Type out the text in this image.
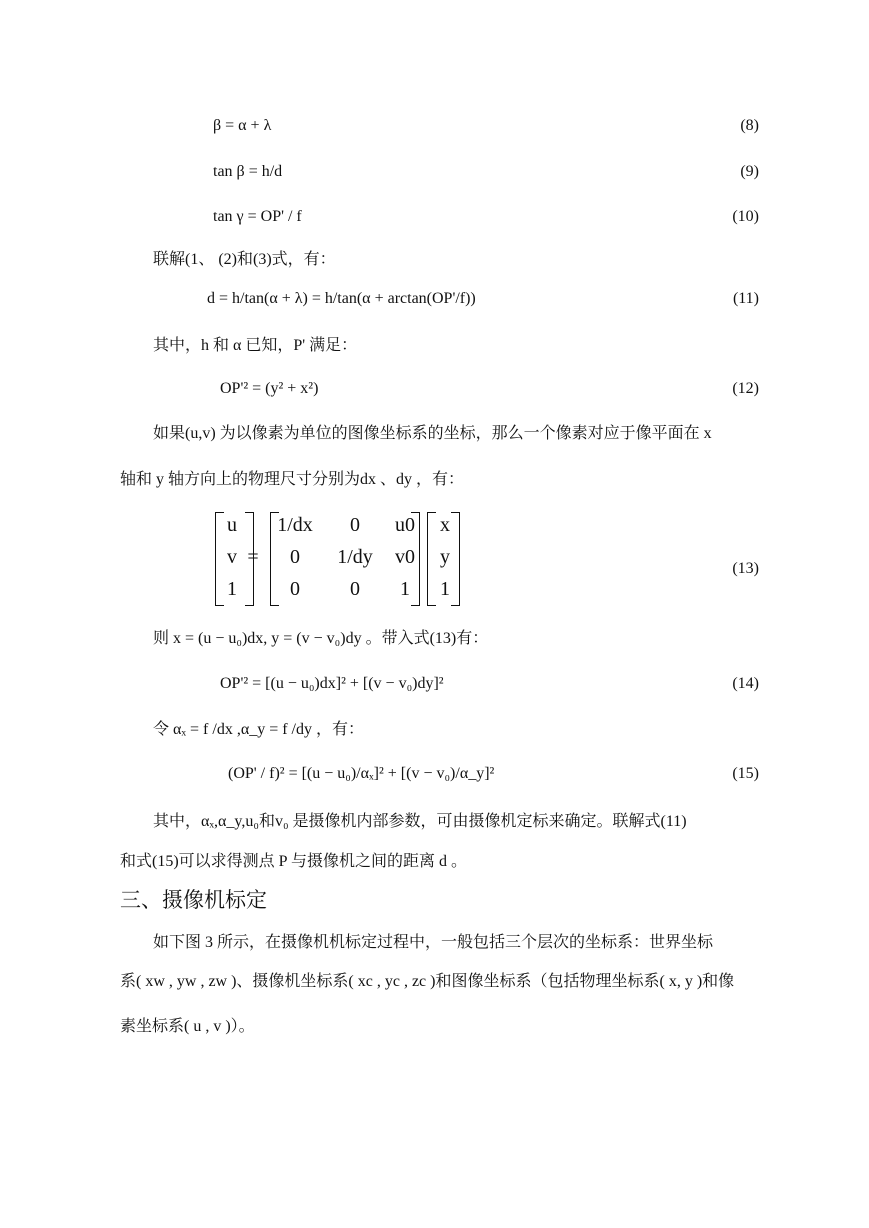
β = α + λ	(8)
tan β = h/d	(9)
tan γ = OP' / f	(10)
联解(1、 (2)和(3)式，有：
d = h/tan(α + λ) = h/tan(α + arctan(OP'/f))	(11)
其中，h 和 α 已知，P' 满足：
OP'² = (y² + x²)	(12)
如果(u,v) 为以像素为单位的图像坐标系的坐标，那么一个像素对应于像平面在 x
轴和 y 轴方向上的物理尺寸分别为dx 、dy ，有：
u
v
1
=
1/dx	0	u0
0	1/dy	v0
0	0	1
x
y
1
(13)
则 x = (u − u₀)dx, y = (v − v₀)dy 。带入式(13)有：
OP'² = [(u − u₀)dx]² + [(v − v₀)dy]²	(14)
令 αₓ = f /dx ,α_y = f /dy ，有：
(OP' / f)² = [(u − u₀)/αₓ]² + [(v − v₀)/α_y]²	(15)
其中，αₓ,α_y,u₀和v₀ 是摄像机内部参数，可由摄像机定标来确定。联解式(11)
和式(15)可以求得测点 P 与摄像机之间的距离 d 。
三、摄像机标定
如下图 3 所示，在摄像机机标定过程中，一般包括三个层次的坐标系：世界坐标
系( xw , yw , zw )、摄像机坐标系( xc , yc , zc )和图像坐标系（包括物理坐标系( x, y )和像
素坐标系( u , v )）。
